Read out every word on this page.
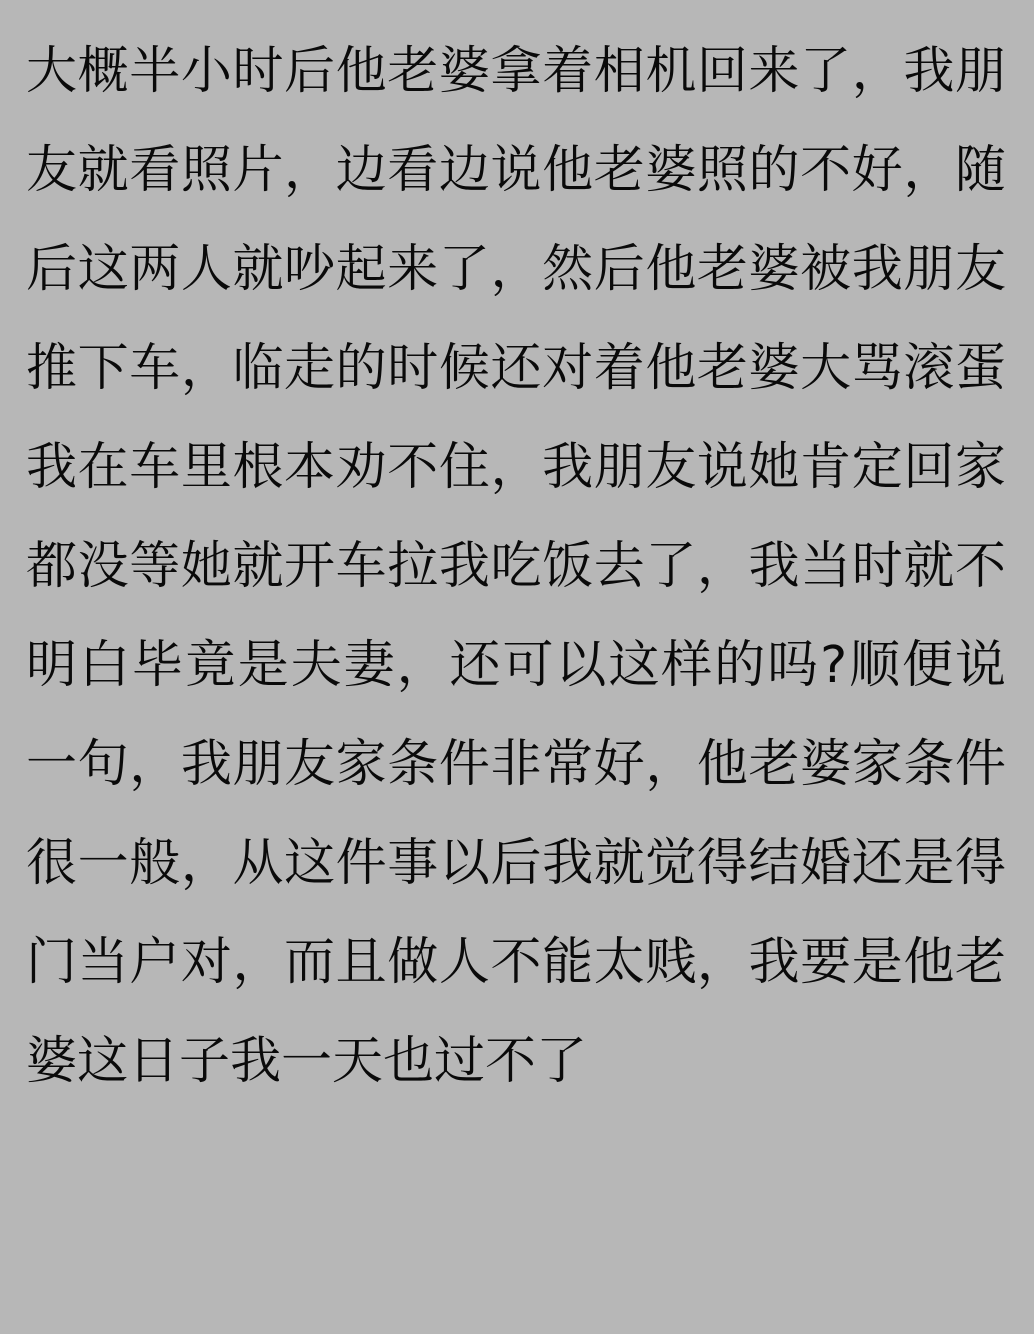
大概半小时后他老婆拿着相机回来了，我朋友就看照片，边看边说他老婆照的不好，随后这两人就吵起来了，然后他老婆被我朋友推下车，临走的时候还对着他老婆大骂滚蛋我在车里根本劝不住，我朋友说她肯定回家都没等她就开车拉我吃饭去了，我当时就不明白毕竟是夫妻，还可以这样的吗?顺便说一句，我朋友家条件非常好，他老婆家条件很一般，从这件事以后我就觉得结婚还是得门当户对，而且做人不能太贱，我要是他老婆这日子我一天也过不了
